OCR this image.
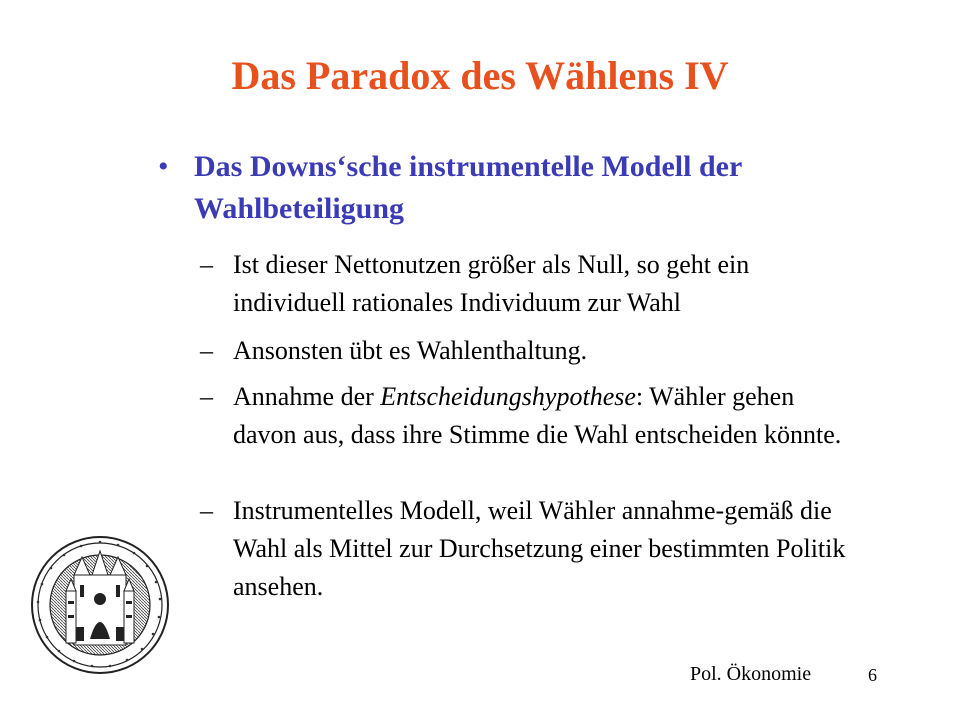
Das Paradox des Wählens IV
• Das Downs‘sche instrumentelle Modell der Wahlbeteiligung
– Ist dieser Nettonutzen größer als Null, so geht ein individuell rationales Individuum zur Wahl
– Ansonsten übt es Wahlenthaltung.
– Annahme der Entscheidungshypothese: Wähler gehen davon aus, dass ihre Stimme die Wahl entscheiden könnte.
– Instrumentelles Modell, weil Wähler annahme-gemäß die Wahl als Mittel zur Durchsetzung einer bestimmten Politik ansehen.
Pol. Ökonomie	6
